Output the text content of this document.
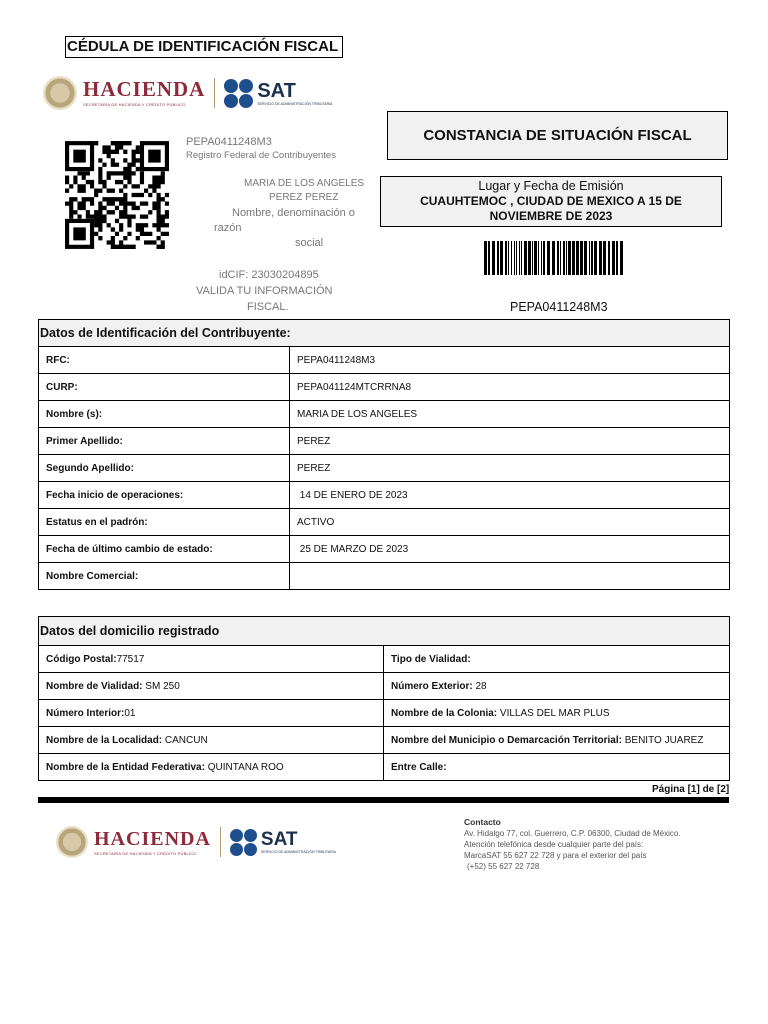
CÉDULA DE IDENTIFICACIÓN FISCAL
HACIENDA
SECRETARÍA DE HACIENDA Y CRÉDITO PÚBLICO
SAT
SERVICIO DE ADMINISTRACIÓN TRIBUTARIA
PEPA0411248M3
Registro Federal de Contribuyentes
MARIA DE LOS ANGELES
PEREZ PEREZ
Nombre, denominación o
razón
social
idCIF: 23030204895
VALIDA TU INFORMACIÓN
FISCAL.
CONSTANCIA DE SITUACIÓN FISCAL
Lugar y Fecha de Emisión
CUAUHTEMOC , CIUDAD DE MEXICO A 15 DE
NOVIEMBRE DE 2023
PEPA0411248M3
Datos de Identificación del Contribuyente:	
RFC:	PEPA0411248M3
CURP:	PEPA041124MTCRRNA8
Nombre (s):	MARIA DE LOS ANGELES
Primer Apellido:	PEREZ
Segundo Apellido:	PEREZ
Fecha inicio de operaciones:	14 DE ENERO DE 2023
Estatus en el padrón:	ACTIVO
Fecha de último cambio de estado:	25 DE MARZO DE 2023
Nombre Comercial:	
Datos del domicilio registrado	
Código Postal:77517	Tipo de Vialidad:
Nombre de Vialidad: SM 250	Número Exterior: 28
Número Interior:01	Nombre de la Colonia: VILLAS DEL MAR PLUS
Nombre de la Localidad: CANCUN	Nombre del Municipio o Demarcación Territorial: BENITO JUAREZ
Nombre de la Entidad Federativa: QUINTANA ROO	Entre Calle:
Página [1] de [2]
HACIENDA
SECRETARÍA DE HACIENDA Y CRÉDITO PÚBLICO
SAT
SERVICIO DE ADMINISTRACIÓN TRIBUTARIA
Contacto
Av. Hidalgo 77, col. Guerrero, C.P. 06300, Ciudad de México.
Atención telefónica desde cualquier parte del país:
MarcaSAT 55 627 22 728 y para el exterior del país
(+52) 55 627 22 728
